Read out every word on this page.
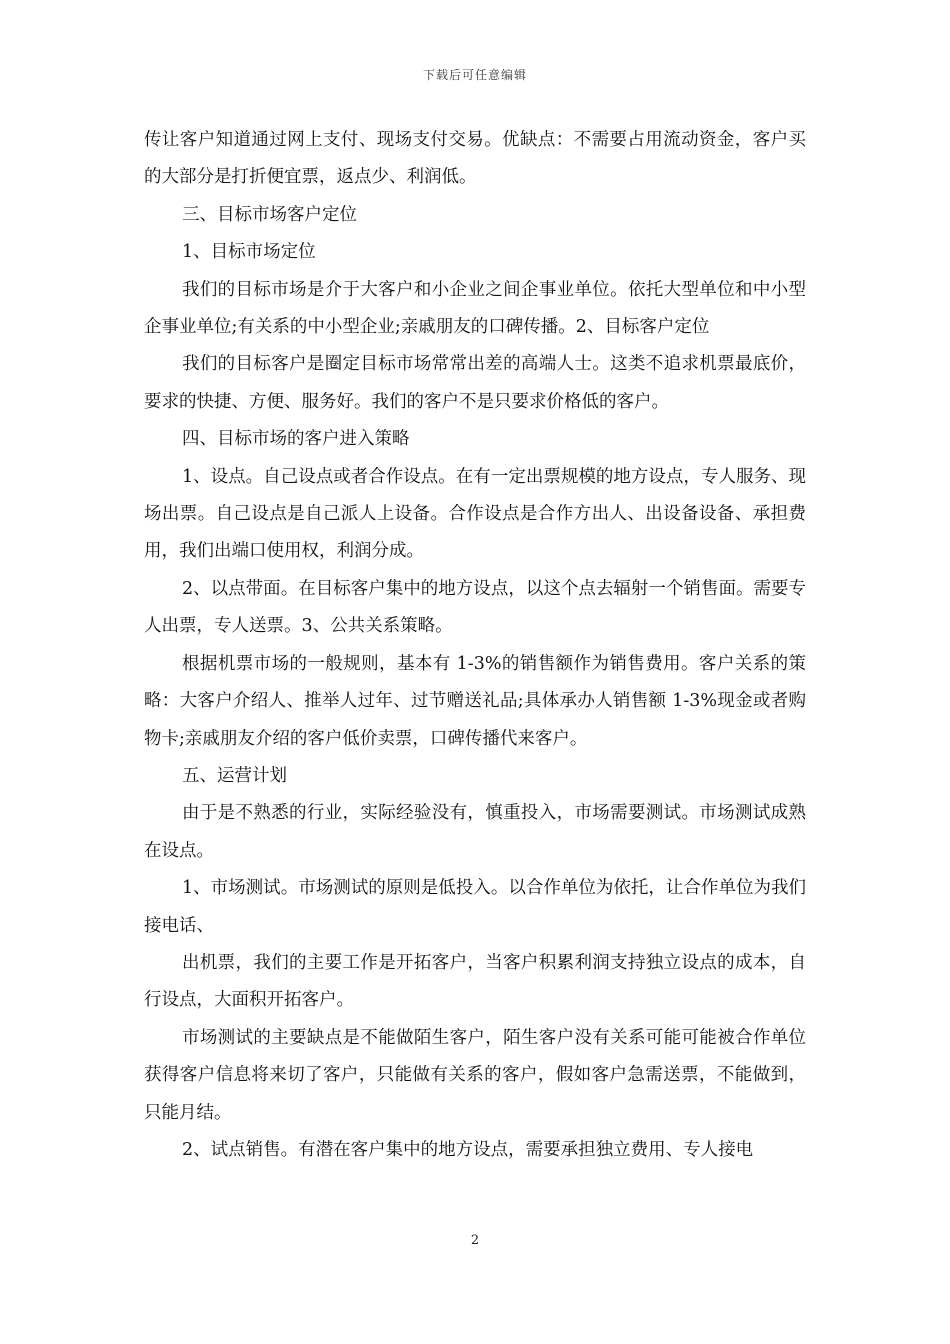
下载后可任意编辑

传让客户知道通过网上支付、现场支付交易。优缺点：不需要占用流动资金，客户买的大部分是打折便宜票，返点少、利润低。

三、目标市场客户定位

1、目标市场定位

我们的目标市场是介于大客户和小企业之间企事业单位。依托大型单位和中小型企事业单位;有关系的中小型企业;亲戚朋友的口碑传播。2、目标客户定位

我们的目标客户是圈定目标市场常常出差的高端人士。这类不追求机票最底价，要求的快捷、方便、服务好。我们的客户不是只要求价格低的客户。

四、目标市场的客户进入策略

1、设点。自己设点或者合作设点。在有一定出票规模的地方设点，专人服务、现场出票。自己设点是自己派人上设备。合作设点是合作方出人、出设备设备、承担费用，我们出端口使用权，利润分成。

2、以点带面。在目标客户集中的地方设点，以这个点去辐射一个销售面。需要专人出票，专人送票。3、公共关系策略。

根据机票市场的一般规则，基本有 1-3%的销售额作为销售费用。客户关系的策略：大客户介绍人、推举人过年、过节赠送礼品;具体承办人销售额 1-3%现金或者购物卡;亲戚朋友介绍的客户低价卖票，口碑传播代来客户。

五、运营计划

由于是不熟悉的行业，实际经验没有，慎重投入，市场需要测试。市场测试成熟在设点。

1、市场测试。市场测试的原则是低投入。以合作单位为依托，让合作单位为我们接电话、

出机票，我们的主要工作是开拓客户，当客户积累利润支持独立设点的成本，自行设点，大面积开拓客户。

市场测试的主要缺点是不能做陌生客户，陌生客户没有关系可能可能被合作单位获得客户信息将来切了客户，只能做有关系的客户，假如客户急需送票，不能做到，只能月结。

2、试点销售。有潜在客户集中的地方设点，需要承担独立费用、专人接电

2
